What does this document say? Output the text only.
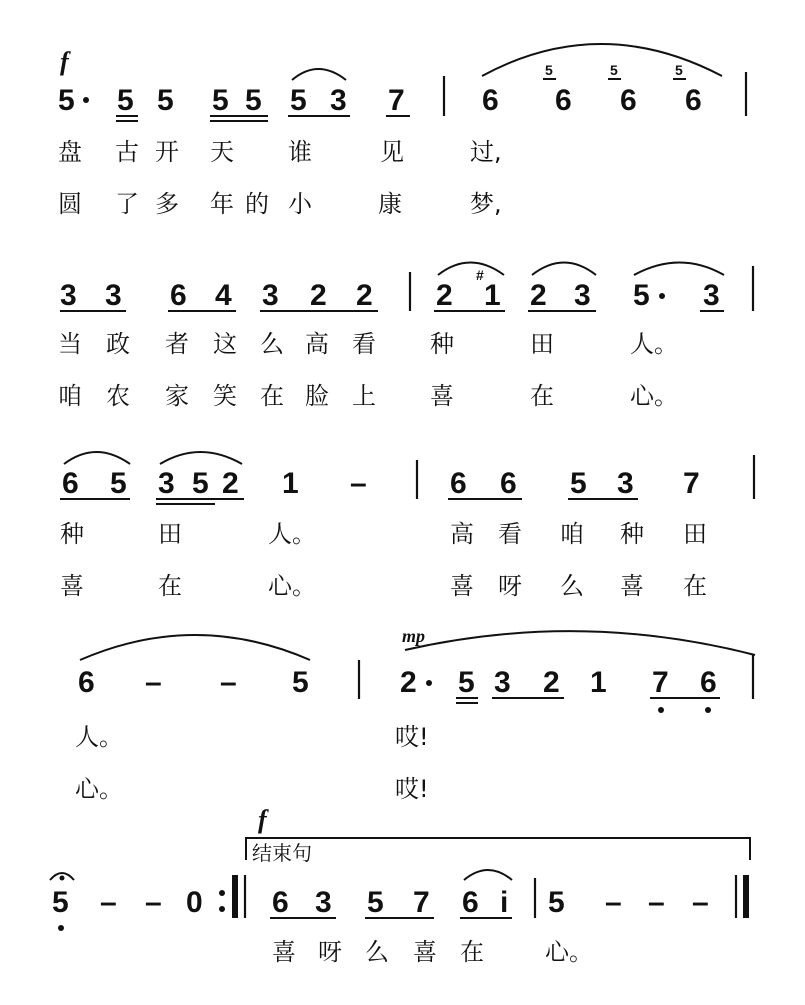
f
5 5 5 5 5 5 3 7	6 6 6 6
5	5	5
盘 古 开 天 谁	见	过,
圆 了 多 年 的 小	康	梦,
3 3 6 4 3 2 2 2
#
1 2 3 5 3
当 政 者 这 么 高 看 种	田	人。
咱 农 家 笑 在 脸 上 喜	在	心。
6 5 3 5 2 1 –	6 6 5 3 7
种	田	人。	高 看 咱 种 田
喜	在	心。	喜 呀 么 喜 在
mp
6 – – 5	2 5 3 2 1 7 6
人。	哎!
心。	哎!
f
结束句
5 – – 0 6 3 5 7 6 i 5 – – –
喜 呀 么 喜 在	心。
